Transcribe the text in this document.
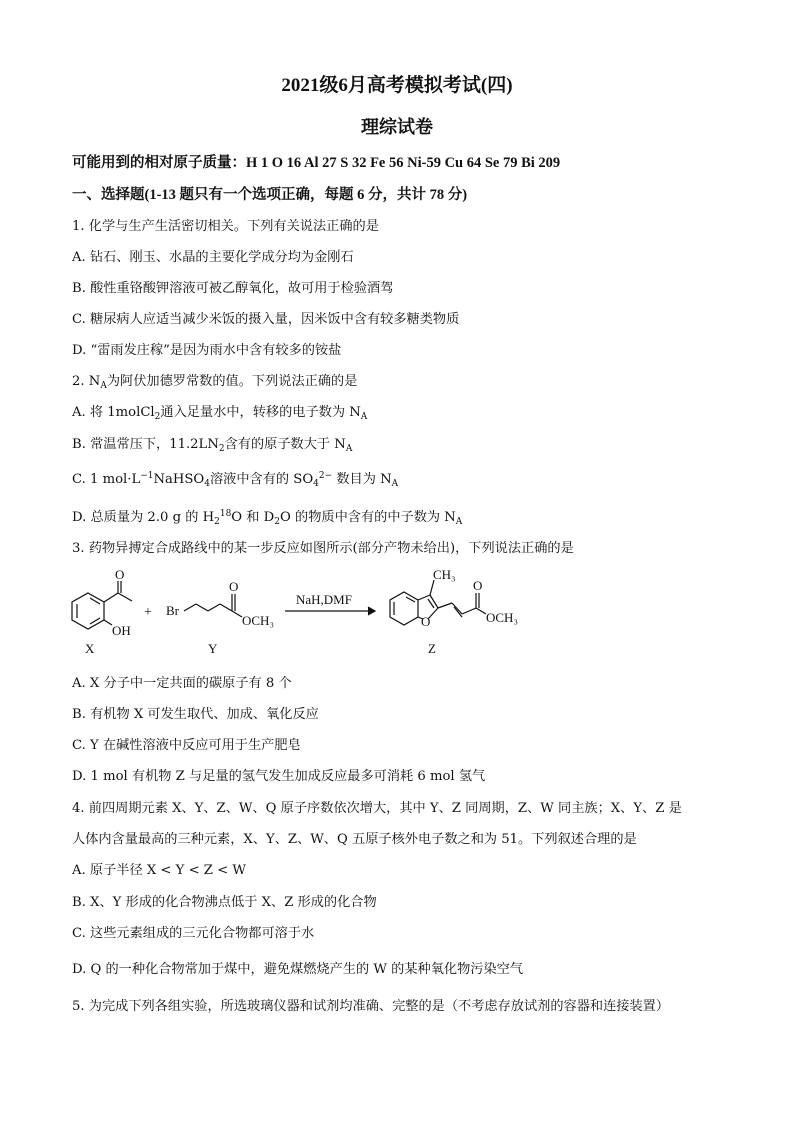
2021级6月高考模拟考试(四)
理综试卷
可能用到的相对原子质量：H 1 O 16 Al 27 S 32 Fe 56 Ni-59 Cu 64 Se 79 Bi 209
一、选择题(1-13 题只有一个选项正确，每题 6 分，共计 78 分)
1. 化学与生产生活密切相关。下列有关说法正确的是
A. 钻石、刚玉、水晶的主要化学成分均为金刚石
B. 酸性重铬酸钾溶液可被乙醇氧化，故可用于检验酒驾
C. 糖尿病人应适当减少米饭的摄入量，因米饭中含有较多糖类物质
D. “雷雨发庄稼”是因为雨水中含有较多的铵盐
2. $N_A$为阿伏加德罗常数的值。下列说法正确的是
A. 将 1molCl$_2$通入足量水中，转移的电子数为 $N_A$
B. 常温常压下，$11.2LN_2$含有的原子数大于 $N_A$
C. 1 $mol\cdot L^{-1}NaHSO_4$溶液中含有的 $SO_4^{2-}$ 数目为 $N_A$
D. 总质量为 2.0 g 的 $H_2^{18}O$ 和 $D_2O$ 的物质中含有的中子数为 $N_A$
3. 药物异搏定合成路线中的某一步反应如图所示(部分产物未给出)，下列说法正确的是
O
OH
X
+ Br
O
OCH₃
Y
NaH,DMF
CH₃
O
O
OCH₃
Z
A. X 分子中一定共面的碳原子有 8 个
B. 有机物 X 可发生取代、加成、氧化反应
C. Y 在碱性溶液中反应可用于生产肥皂
D. 1 mol 有机物 Z 与足量的氢气发生加成反应最多可消耗 6 mol 氢气
4. 前四周期元素 X、Y、Z、W、Q 原子序数依次增大，其中 Y、Z 同周期，Z、W 同主族；X、Y、Z 是
人体内含量最高的三种元素，X、Y、Z、W、Q 五原子核外电子数之和为 51。下列叙述合理的是
A. 原子半径 X < Y < Z < W
B. X、Y 形成的化合物沸点低于 X、Z 形成的化合物
C. 这些元素组成的三元化合物都可溶于水
D. Q 的一种化合物常加于煤中，避免煤燃烧产生的 W 的某种氧化物污染空气
5. 为完成下列各组实验，所选玻璃仪器和试剂均准确、完整的是（不考虑存放试剂的容器和连接装置）
